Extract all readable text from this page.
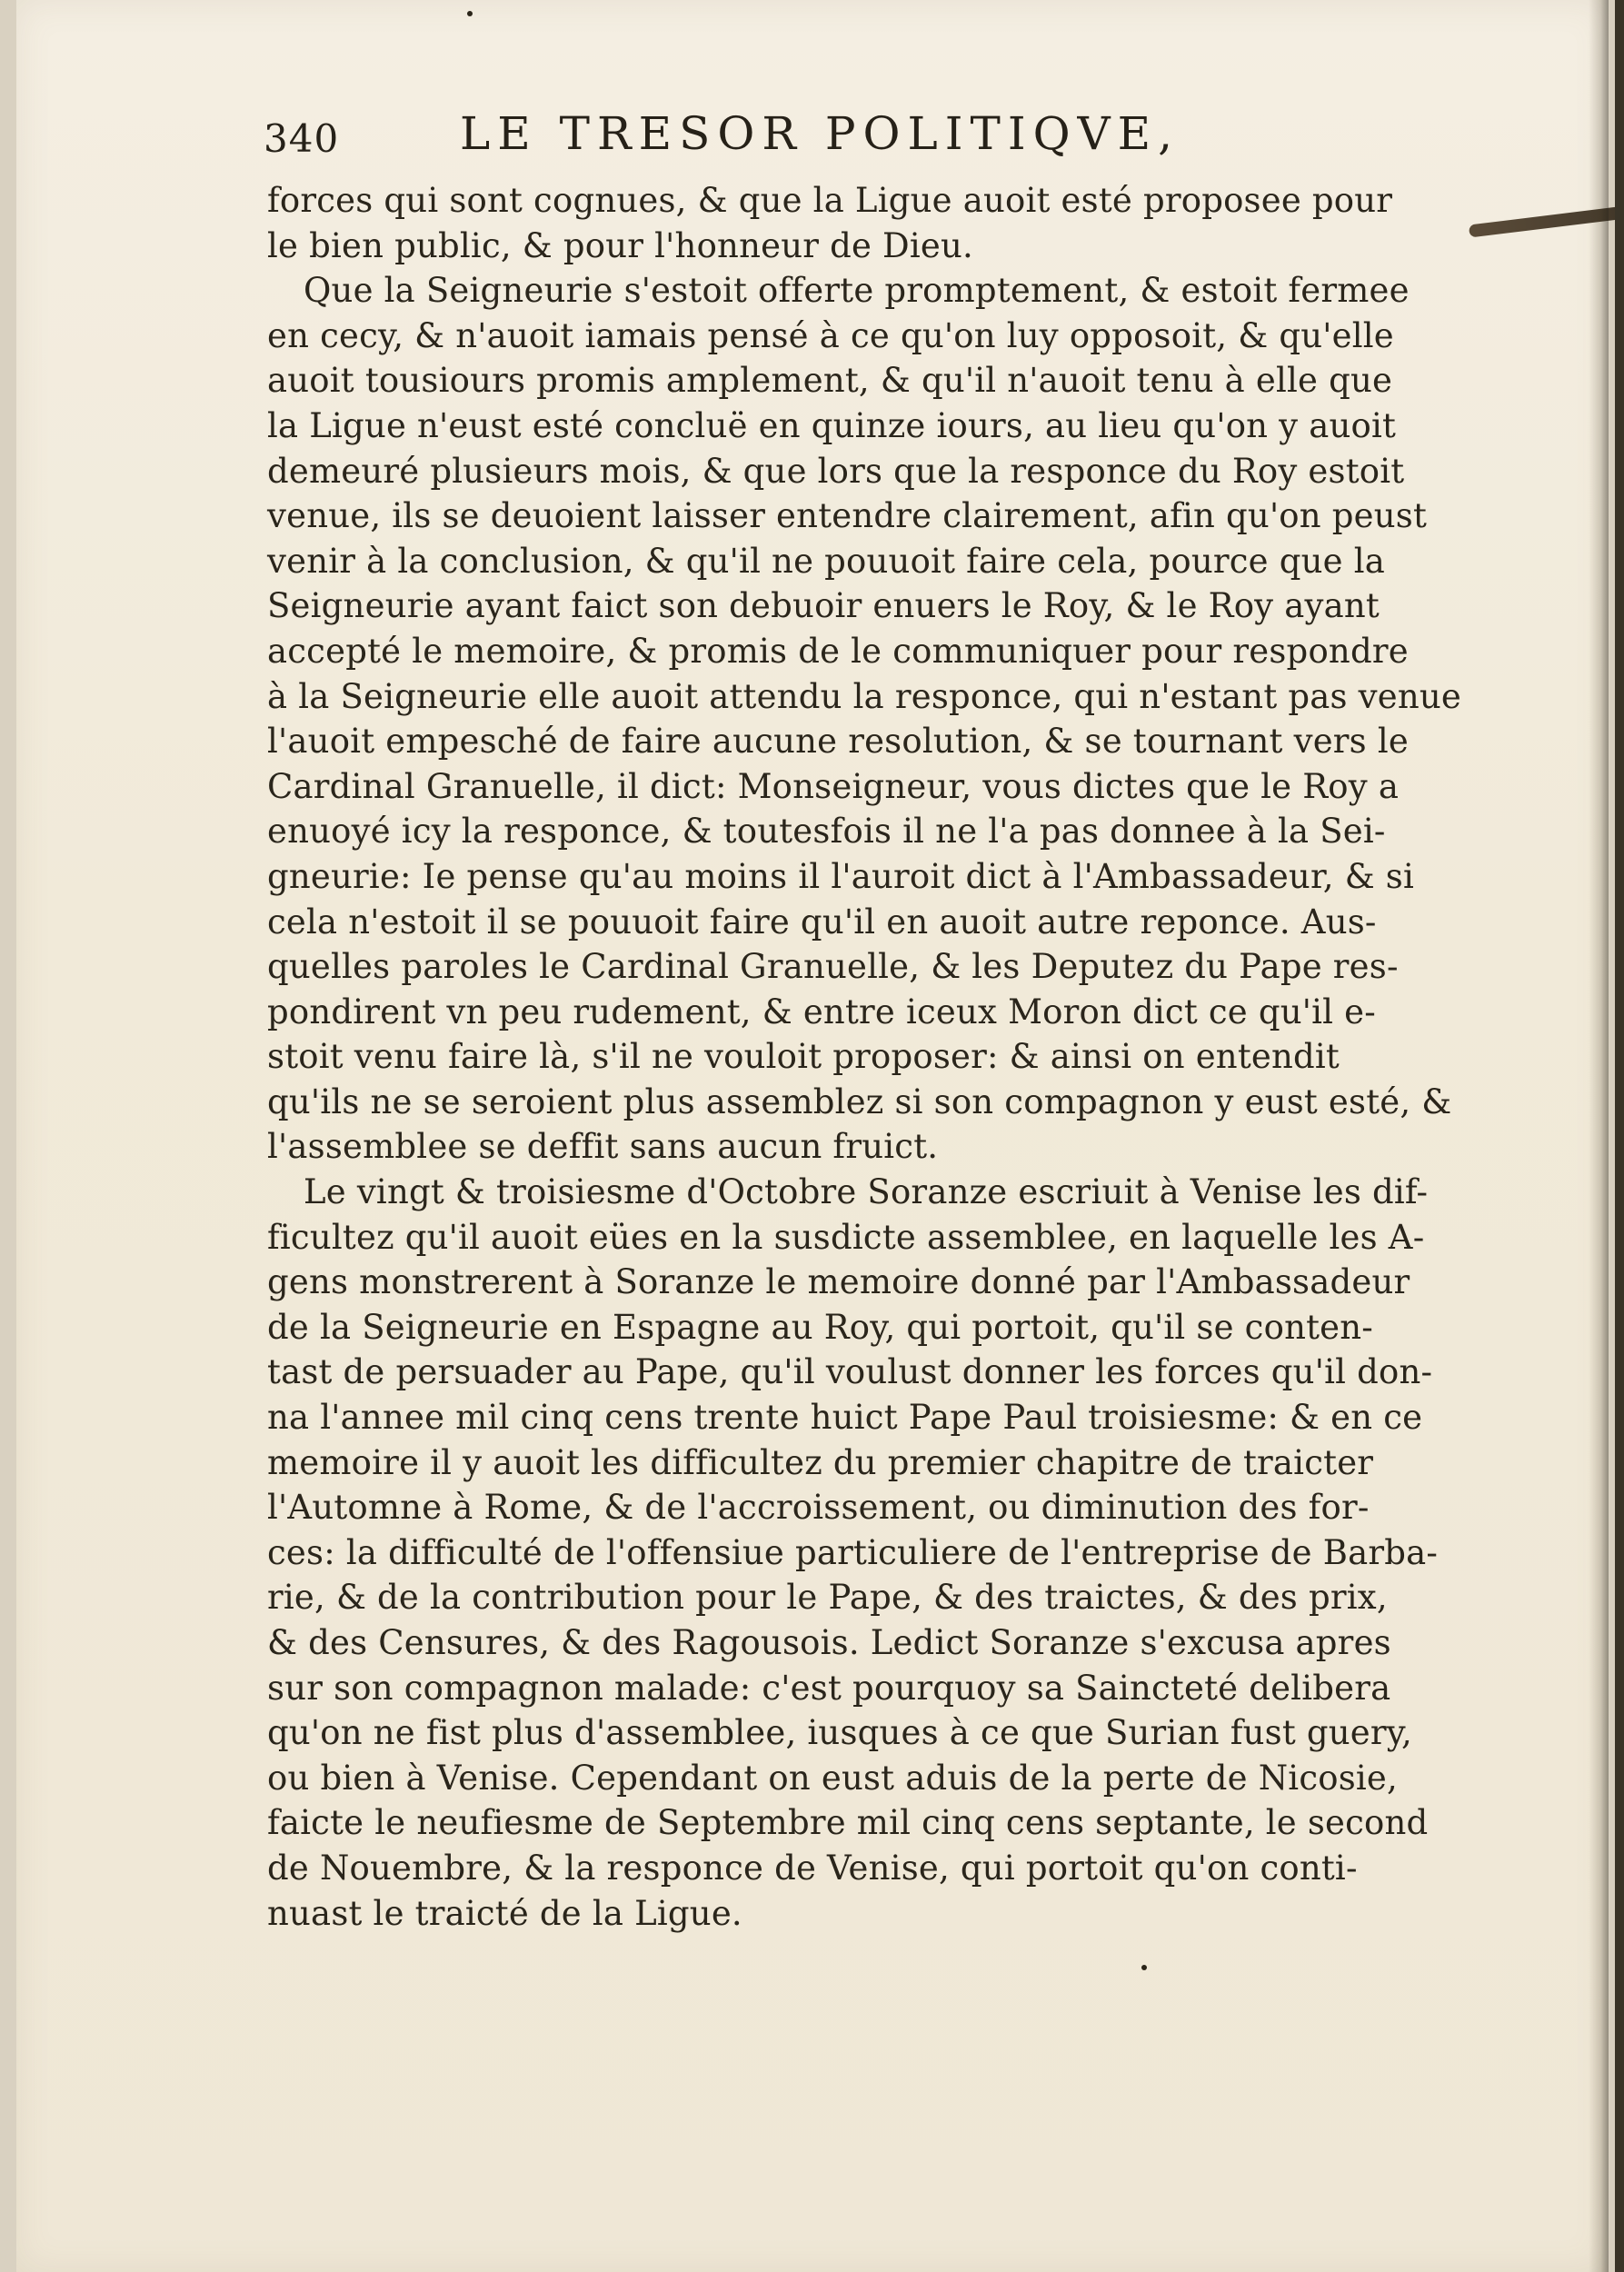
340	LE TRESOR POLITIQVE,
forces qui sont cognues, & que la Ligue auoit esté proposee pour
le bien public, & pour l'honneur de Dieu.
Que la Seigneurie s'estoit offerte promptement, & estoit fermee
en cecy, & n'auoit iamais pensé à ce qu'on luy opposoit, & qu'elle
auoit tousiours promis amplement, & qu'il n'auoit tenu à elle que
la Ligue n'eust esté concluë en quinze iours, au lieu qu'on y auoit
demeuré plusieurs mois, & que lors que la responce du Roy estoit
venue, ils se deuoient laisser entendre clairement, afin qu'on peust
venir à la conclusion, & qu'il ne pouuoit faire cela, pource que la
Seigneurie ayant faict son debuoir enuers le Roy, & le Roy ayant
accepté le memoire, & promis de le communiquer pour respondre
à la Seigneurie elle auoit attendu la responce, qui n'estant pas venue
l'auoit empesché de faire aucune resolution, & se tournant vers le
Cardinal Granuelle, il dict: Monseigneur, vous dictes que le Roy a
enuoyé icy la responce, & toutesfois il ne l'a pas donnee à la Sei-
gneurie: Ie pense qu'au moins il l'auroit dict à l'Ambassadeur, & si
cela n'estoit il se pouuoit faire qu'il en auoit autre reponce. Aus-
quelles paroles le Cardinal Granuelle, & les Deputez du Pape res-
pondirent vn peu rudement, & entre iceux Moron dict ce qu'il e-
stoit venu faire là, s'il ne vouloit proposer: & ainsi on entendit
qu'ils ne se seroient plus assemblez si son compagnon y eust esté, &
l'assemblee se deffit sans aucun fruict.
Le vingt & troisiesme d'Octobre Soranze escriuit à Venise les dif-
ficultez qu'il auoit eües en la susdicte assemblee, en laquelle les A-
gens monstrerent à Soranze le memoire donné par l'Ambassadeur
de la Seigneurie en Espagne au Roy, qui portoit, qu'il se conten-
tast de persuader au Pape, qu'il voulust donner les forces qu'il don-
na l'annee mil cinq cens trente huict Pape Paul troisiesme: & en ce
memoire il y auoit les difficultez du premier chapitre de traicter
l'Automne à Rome, & de l'accroissement, ou diminution des for-
ces: la difficulté de l'offensiue particuliere de l'entreprise de Barba-
rie, & de la contribution pour le Pape, & des traictes, & des prix,
& des Censures, & des Ragousois. Ledict Soranze s'excusa apres
sur son compagnon malade: c'est pourquoy sa Saincteté delibera
qu'on ne fist plus d'assemblee, iusques à ce que Surian fust guery,
ou bien à Venise. Cependant on eust aduis de la perte de Nicosie,
faicte le neufiesme de Septembre mil cinq cens septante, le second
de Nouembre, & la responce de Venise, qui portoit qu'on conti-
nuast le traicté de la Ligue.
